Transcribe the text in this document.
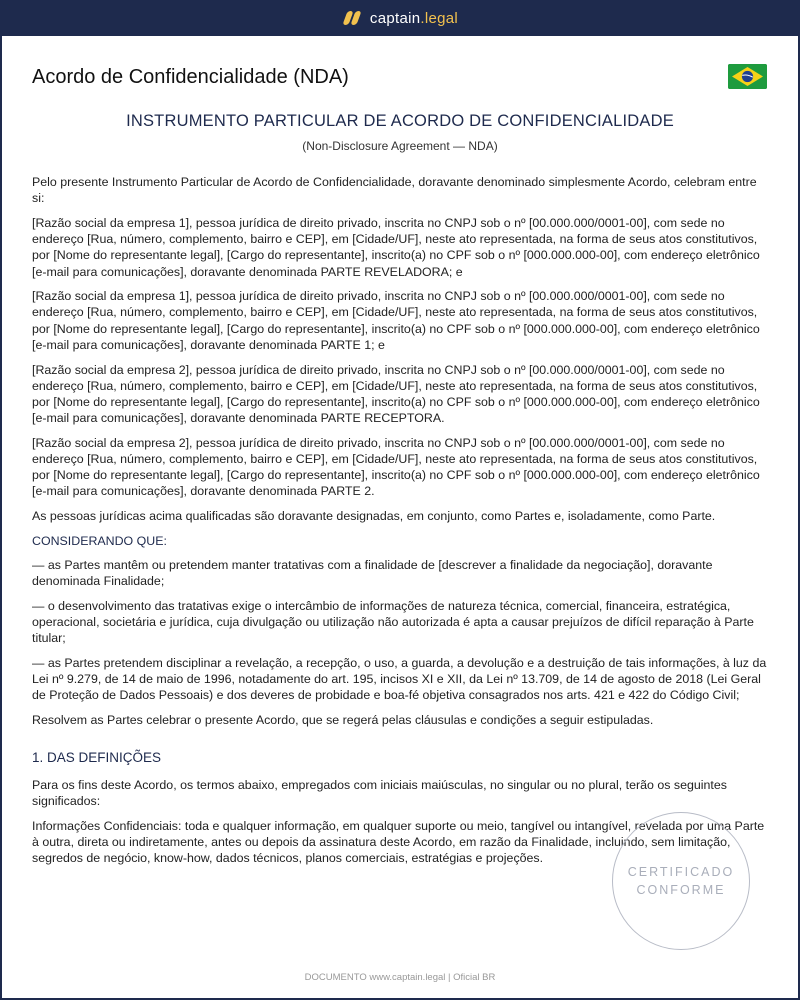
captain.legal
Acordo de Confidencialidade (NDA)
INSTRUMENTO PARTICULAR DE ACORDO DE CONFIDENCIALIDADE
(Non-Disclosure Agreement — NDA)

Pelo presente Instrumento Particular de Acordo de Confidencialidade, doravante denominado simplesmente Acordo, celebram entre si:

[Razão social da empresa 1], pessoa jurídica de direito privado, inscrita no CNPJ sob o nº [00.000.000/0001-00], com sede no endereço [Rua, número, complemento, bairro e CEP], em [Cidade/UF], neste ato representada, na forma de seus atos constitutivos, por [Nome do representante legal], [Cargo do representante], inscrito(a) no CPF sob o nº [000.000.000-00], com endereço eletrônico [e-mail para comunicações], doravante denominada PARTE REVELADORA; e

[Razão social da empresa 1], pessoa jurídica de direito privado, inscrita no CNPJ sob o nº [00.000.000/0001-00], com sede no endereço [Rua, número, complemento, bairro e CEP], em [Cidade/UF], neste ato representada, na forma de seus atos constitutivos, por [Nome do representante legal], [Cargo do representante], inscrito(a) no CPF sob o nº [000.000.000-00], com endereço eletrônico [e-mail para comunicações], doravante denominada PARTE 1; e

[Razão social da empresa 2], pessoa jurídica de direito privado, inscrita no CNPJ sob o nº [00.000.000/0001-00], com sede no endereço [Rua, número, complemento, bairro e CEP], em [Cidade/UF], neste ato representada, na forma de seus atos constitutivos, por [Nome do representante legal], [Cargo do representante], inscrito(a) no CPF sob o nº [000.000.000-00], com endereço eletrônico [e-mail para comunicações], doravante denominada PARTE RECEPTORA.

[Razão social da empresa 2], pessoa jurídica de direito privado, inscrita no CNPJ sob o nº [00.000.000/0001-00], com sede no endereço [Rua, número, complemento, bairro e CEP], em [Cidade/UF], neste ato representada, na forma de seus atos constitutivos, por [Nome do representante legal], [Cargo do representante], inscrito(a) no CPF sob o nº [000.000.000-00], com endereço eletrônico [e-mail para comunicações], doravante denominada PARTE 2.

As pessoas jurídicas acima qualificadas são doravante designadas, em conjunto, como Partes e, isoladamente, como Parte.

CONSIDERANDO QUE:

— as Partes mantêm ou pretendem manter tratativas com a finalidade de [descrever a finalidade da negociação], doravante denominada Finalidade;

— o desenvolvimento das tratativas exige o intercâmbio de informações de natureza técnica, comercial, financeira, estratégica, operacional, societária e jurídica, cuja divulgação ou utilização não autorizada é apta a causar prejuízos de difícil reparação à Parte titular;

— as Partes pretendem disciplinar a revelação, a recepção, o uso, a guarda, a devolução e a destruição de tais informações, à luz da Lei nº 9.279, de 14 de maio de 1996, notadamente do art. 195, incisos XI e XII, da Lei nº 13.709, de 14 de agosto de 2018 (Lei Geral de Proteção de Dados Pessoais) e dos deveres de probidade e boa-fé objetiva consagrados nos arts. 421 e 422 do Código Civil;

Resolvem as Partes celebrar o presente Acordo, que se regerá pelas cláusulas e condições a seguir estipuladas.

1. DAS DEFINIÇÕES

Para os fins deste Acordo, os termos abaixo, empregados com iniciais maiúsculas, no singular ou no plural, terão os seguintes significados:

Informações Confidenciais: toda e qualquer informação, em qualquer suporte ou meio, tangível ou intangível, revelada por uma Parte à outra, direta ou indiretamente, antes ou depois da assinatura deste Acordo, em razão da Finalidade, incluindo, sem limitação, segredos de negócio, know-how, dados técnicos, planos comerciais, estratégias e projeções.

CERTIFICADO
CONFORME
DOCUMENTO www.captain.legal | Oficial BR
